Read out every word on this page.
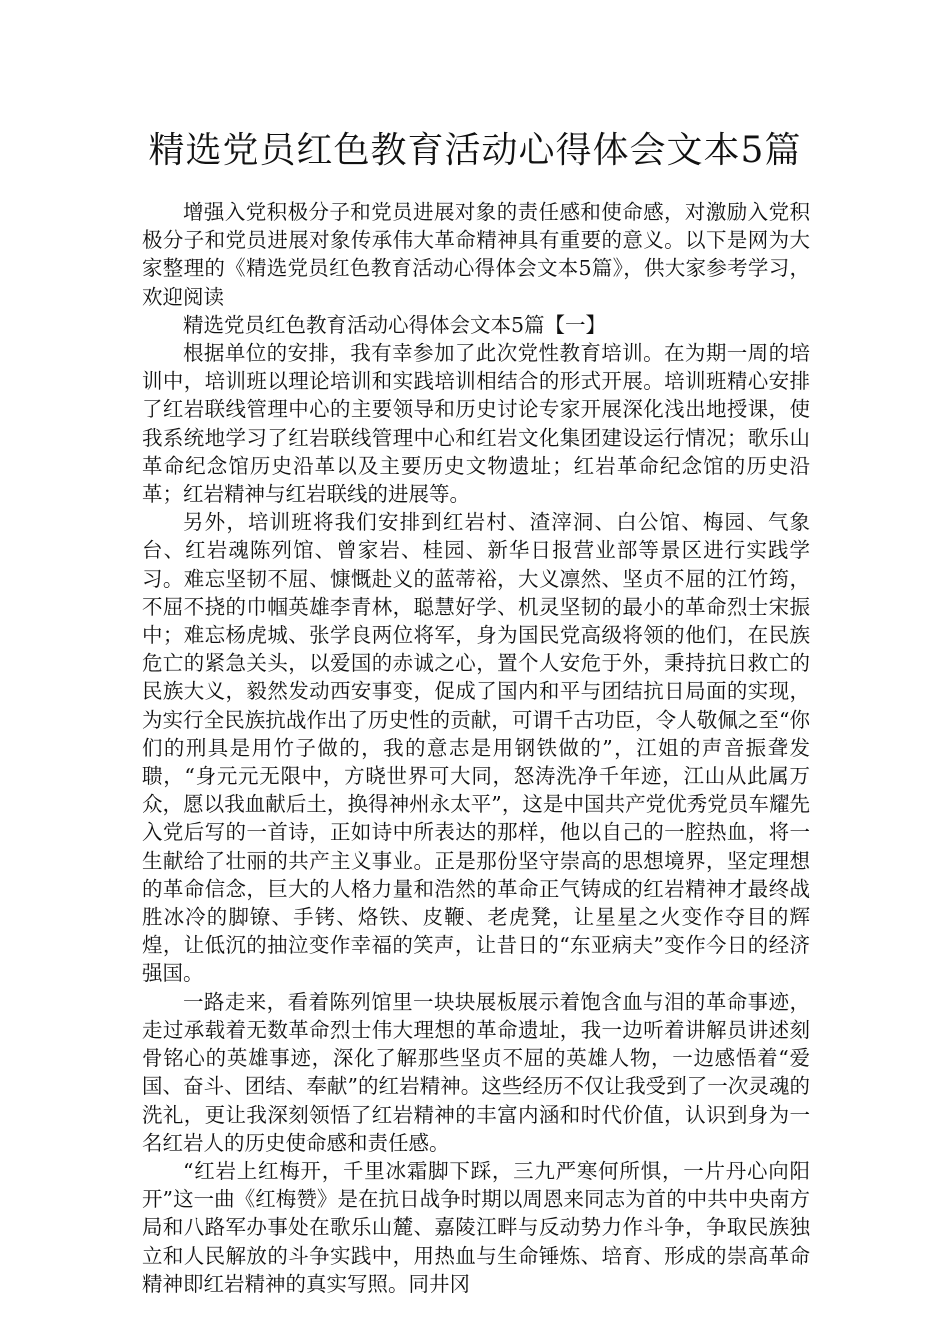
精选党员红色教育活动心得体会文本5篇

增强入党积极分子和党员进展对象的责任感和使命感，对激励入党积极分子和党员进展对象传承伟大革命精神具有重要的意义。以下是网为大家整理的《精选党员红色教育活动心得体会文本5篇》，供大家参考学习，欢迎阅读

精选党员红色教育活动心得体会文本5篇【一】

根据单位的安排，我有幸参加了此次党性教育培训。在为期一周的培训中，培训班以理论培训和实践培训相结合的形式开展。培训班精心安排了红岩联线管理中心的主要领导和历史讨论专家开展深化浅出地授课，使我系统地学习了红岩联线管理中心和红岩文化集团建设运行情况；歌乐山革命纪念馆历史沿革以及主要历史文物遗址；红岩革命纪念馆的历史沿革；红岩精神与红岩联线的进展等。

另外，培训班将我们安排到红岩村、渣滓洞、白公馆、梅园、气象台、红岩魂陈列馆、曾家岩、桂园、新华日报营业部等景区进行实践学习。难忘坚韧不屈、慷慨赴义的蓝蒂裕，大义凛然、坚贞不屈的江竹筠，不屈不挠的巾帼英雄李青林，聪慧好学、机灵坚韧的最小的革命烈士宋振中；难忘杨虎城、张学良两位将军，身为国民党高级将领的他们，在民族危亡的紧急关头，以爱国的赤诚之心，置个人安危于外，秉持抗日救亡的民族大义，毅然发动西安事变，促成了国内和平与团结抗日局面的实现，为实行全民族抗战作出了历史性的贡献，可谓千古功臣，令人敬佩之至“你们的刑具是用竹子做的，我的意志是用钢铁做的”，江姐的声音振聋发聩，“身元元无限中，方晓世界可大同，怒涛洗净千年迹，江山从此属万众，愿以我血献后土，换得神州永太平”，这是中国共产党优秀党员车耀先入党后写的一首诗，正如诗中所表达的那样，他以自己的一腔热血，将一生献给了壮丽的共产主义事业。正是那份坚守崇高的思想境界，坚定理想的革命信念，巨大的人格力量和浩然的革命正气铸成的红岩精神才最终战胜冰冷的脚镣、手铐、烙铁、皮鞭、老虎凳，让星星之火变作夺目的辉煌，让低沉的抽泣变作幸福的笑声，让昔日的“东亚病夫”变作今日的经济强国。

一路走来，看着陈列馆里一块块展板展示着饱含血与泪的革命事迹，走过承载着无数革命烈士伟大理想的革命遗址，我一边听着讲解员讲述刻骨铭心的英雄事迹，深化了解那些坚贞不屈的英雄人物，一边感悟着“爱国、奋斗、团结、奉献”的红岩精神。这些经历不仅让我受到了一次灵魂的洗礼，更让我深刻领悟了红岩精神的丰富内涵和时代价值，认识到身为一名红岩人的历史使命感和责任感。

“红岩上红梅开，千里冰霜脚下踩，三九严寒何所惧，一片丹心向阳开”这一曲《红梅赞》是在抗日战争时期以周恩来同志为首的中共中央南方局和八路军办事处在歌乐山麓、嘉陵江畔与反动势力作斗争，争取民族独立和人民解放的斗争实践中，用热血与生命锤炼、培育、形成的崇高革命精神即红岩精神的真实写照。同井冈
